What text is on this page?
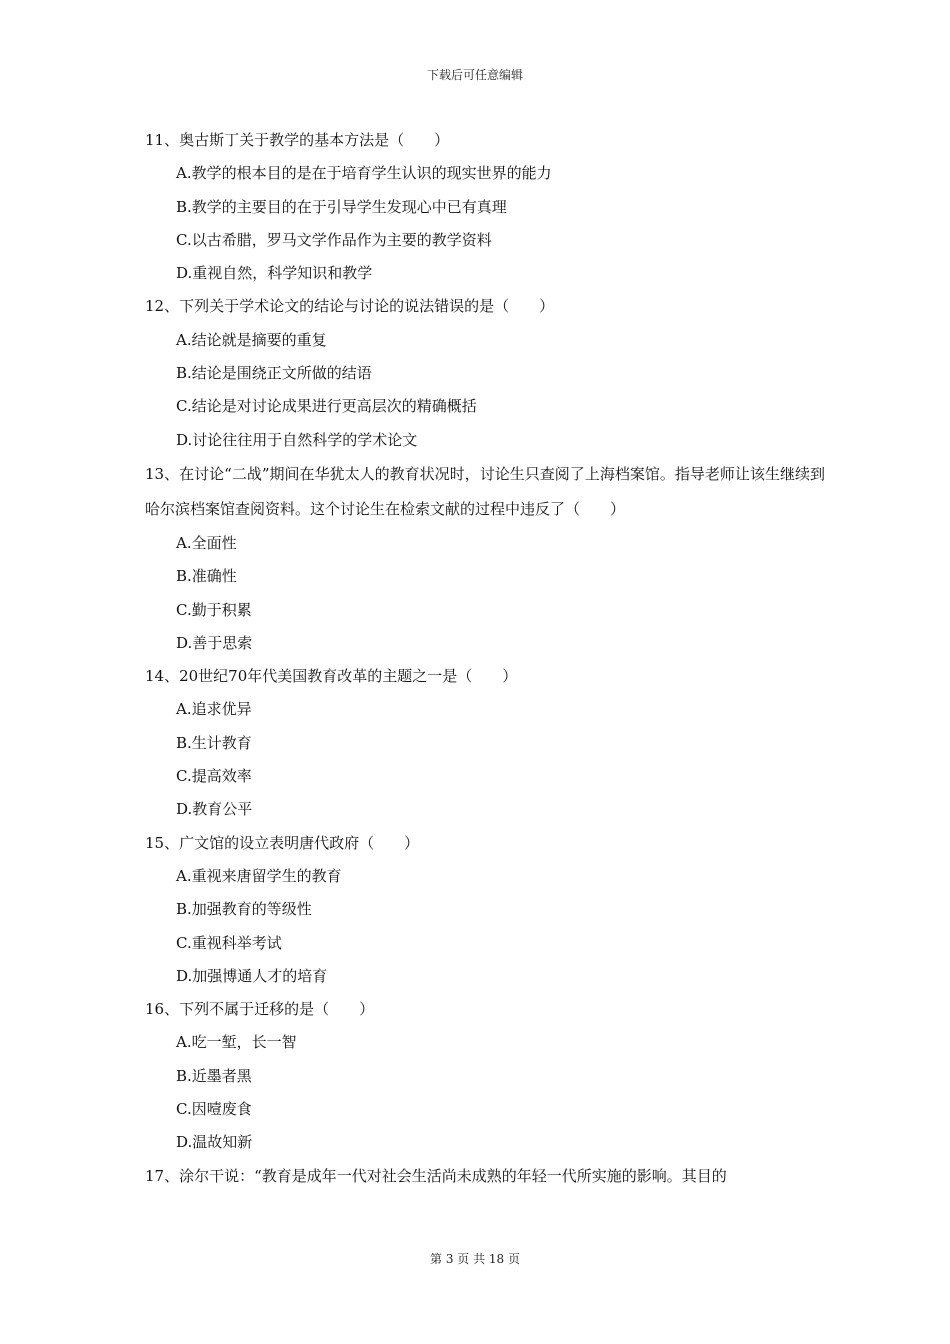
下载后可任意编辑
11、奥古斯丁关于教学的基本方法是（　　）
A.教学的根本目的是在于培育学生认识的现实世界的能力
B.教学的主要目的在于引导学生发现心中已有真理
C.以古希腊，罗马文学作品作为主要的教学资料
D.重视自然，科学知识和教学
12、下列关于学术论文的结论与讨论的说法错误的是（　　）
A.结论就是摘要的重复
B.结论是围绕正文所做的结语
C.结论是对讨论成果进行更高层次的精确概括
D.讨论往往用于自然科学的学术论文
13、在讨论“二战”期间在华犹太人的教育状况时，讨论生只查阅了上海档案馆。指导老师让该生继续到哈尔滨档案馆查阅资料。这个讨论生在检索文献的过程中违反了（　　）
A.全面性
B.准确性
C.勤于积累
D.善于思索
14、20世纪70年代美国教育改革的主题之一是（　　）
A.追求优异
B.生计教育
C.提高效率
D.教育公平
15、广文馆的设立表明唐代政府（　　）
A.重视来唐留学生的教育
B.加强教育的等级性
C.重视科举考试
D.加强博通人才的培育
16、下列不属于迁移的是（　　）
A.吃一堑，长一智
B.近墨者黑
C.因噎废食
D.温故知新
17、涂尔干说：“教育是成年一代对社会生活尚未成熟的年轻一代所实施的影响。其目的
第 3 页 共 18 页
